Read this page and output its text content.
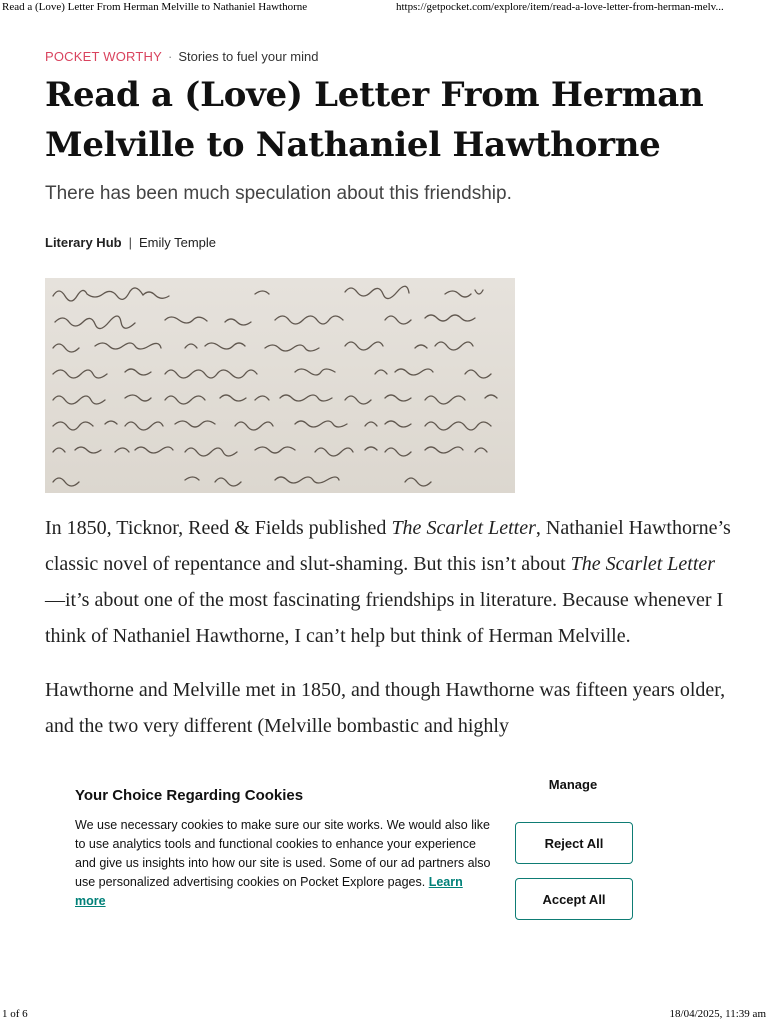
Read a (Love) Letter From Herman Melville to Nathaniel Hawthorne	https://getpocket.com/explore/item/read-a-love-letter-from-herman-melv...
POCKET WORTHY · Stories to fuel your mind
Read a (Love) Letter From Herman Melville to Nathaniel Hawthorne

There has been much speculation about this friendship.

Literary Hub | Emily Temple

In 1850, Ticknor, Reed & Fields published The Scarlet Letter, Nathaniel Hawthorne’s classic novel of repentance and slut-shaming. But this isn’t about The Scarlet Letter—it’s about one of the most fascinating friendships in literature. Because whenever I think of Nathaniel Hawthorne, I can’t help but think of Herman Melville.

Hawthorne and Melville met in 1850, and though Hawthorne was fifteen years older, and the two very different (Melville bombastic and highly

Your Choice Regarding Cookies

We use necessary cookies to make sure our site works. We would also like to use analytics tools and functional cookies to enhance your experience and give us insights into how our site is used. Some of our ad partners also use personalized advertising cookies on Pocket Explore pages. Learn more

Manage
Reject All
Accept All
1 of 6	18/04/2025, 11:39 am
